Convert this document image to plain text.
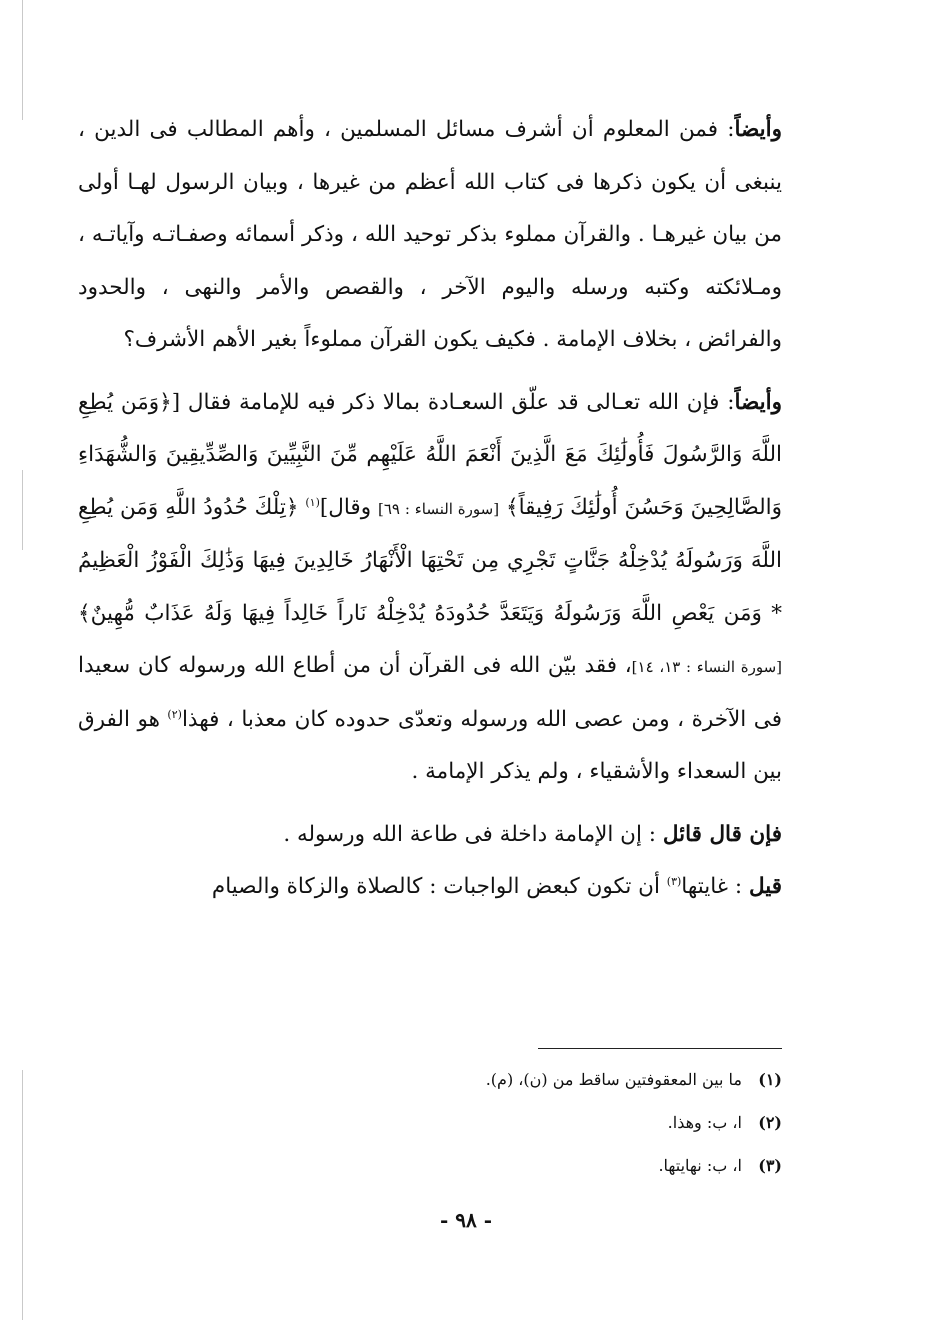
وأيضاً: فمن المعلوم أن أشرف مسائل المسلمين ، وأهم المطالب فى الدين ، ينبغى أن يكون ذكرها فى كتاب الله أعظم من غيرها ، وبيان الرسول لهـا أولى من بيان غيرهـا . والقرآن مملوء بذكر توحيد الله ، وذكر أسمائه وصفـاتـه وآياتـه ، ومـلائكته وكتبه ورسله واليوم الآخر ، والقصص والأمر والنهى ، والحدود والفرائض ، بخلاف الإمامة . فكيف يكون القرآن مملوءاً بغير الأهم الأشرف؟

وأيضاً: فإن الله تعـالى قد علّق السعـادة بمالا ذكر فيه للإمامة فقال [﴿وَمَن يُطِعِ اللَّهَ وَالرَّسُولَ فَأُولَٰئِكَ مَعَ الَّذِينَ أَنْعَمَ اللَّهُ عَلَيْهِم مِّنَ النَّبِيِّينَ وَالصِّدِّيقِينَ وَالشُّهَدَاءِ وَالصَّالِحِينَ وَحَسُنَ أُولَٰئِكَ رَفِيقاً﴾ [سورة النساء : ٦٩] وقال]$^{(١)}$ ﴿تِلْكَ حُدُودُ اللَّهِ وَمَن يُطِعِ اللَّهَ وَرَسُولَهُ يُدْخِلْهُ جَنَّاتٍ تَجْرِي مِن تَحْتِهَا الْأَنْهَارُ خَالِدِينَ فِيهَا وَذَٰلِكَ الْفَوْزُ الْعَظِيمُ * وَمَن يَعْصِ اللَّهَ وَرَسُولَهُ وَيَتَعَدَّ حُدُودَهُ يُدْخِلْهُ نَاراً خَالِداً فِيهَا وَلَهُ عَذَابٌ مُّهِينٌ﴾ [سورة النساء : ١٣، ١٤]، فقد بيّن الله فى القرآن أن من أطاع الله ورسوله كان سعيدا فى الآخرة ، ومن عصى الله ورسوله وتعدّى حدوده كان معذبا ، فهذا$^{(٢)}$ هو الفرق بين السعداء والأشقياء ، ولم يذكر الإمامة .

فإن قال قائل : إن الإمامة داخلة فى طاعة الله ورسوله .

قيل : غايتها$^{(٣)}$ أن تكون كبعض الواجبات : كالصلاة والزكاة والصيام

(١)ما بين المعقوفتين ساقط من (ن)، (م).
(٢)ا، ب: وهذا.
(٣)ا، ب: نهايتها.
- ٩٨ -
